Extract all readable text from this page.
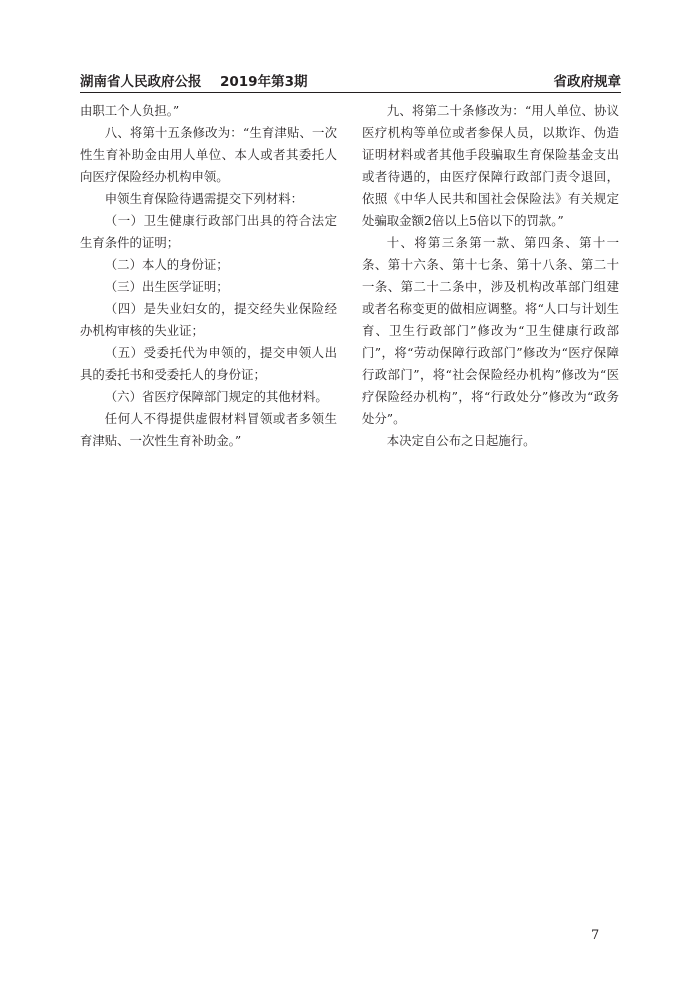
湖南省人民政府公报 2019年第3期	省政府规章

由职工个人负担。”

八、将第十五条修改为：“生育津贴、一次性生育补助金由用人单位、本人或者其委托人向医疗保险经办机构申领。

申领生育保险待遇需提交下列材料：

（一）卫生健康行政部门出具的符合法定生育条件的证明；

（二）本人的身份证；

（三）出生医学证明；

（四）是失业妇女的，提交经失业保险经办机构审核的失业证；

（五）受委托代为申领的，提交申领人出具的委托书和受委托人的身份证；

（六）省医疗保障部门规定的其他材料。

任何人不得提供虚假材料冒领或者多领生育津贴、一次性生育补助金。”

九、将第二十条修改为：“用人单位、协议医疗机构等单位或者参保人员，以欺诈、伪造证明材料或者其他手段骗取生育保险基金支出或者待遇的，由医疗保障行政部门责令退回，依照《中华人民共和国社会保险法》有关规定处骗取金额2倍以上5倍以下的罚款。”

十、将第三条第一款、第四条、第十一条、第十六条、第十七条、第十八条、第二十一条、第二十二条中，涉及机构改革部门组建或者名称变更的做相应调整。将“人口与计划生育、卫生行政部门”修改为“卫生健康行政部门”，将“劳动保障行政部门”修改为“医疗保障行政部门”，将“社会保险经办机构”修改为“医疗保险经办机构”，将“行政处分”修改为“政务处分”。

本决定自公布之日起施行。

7
